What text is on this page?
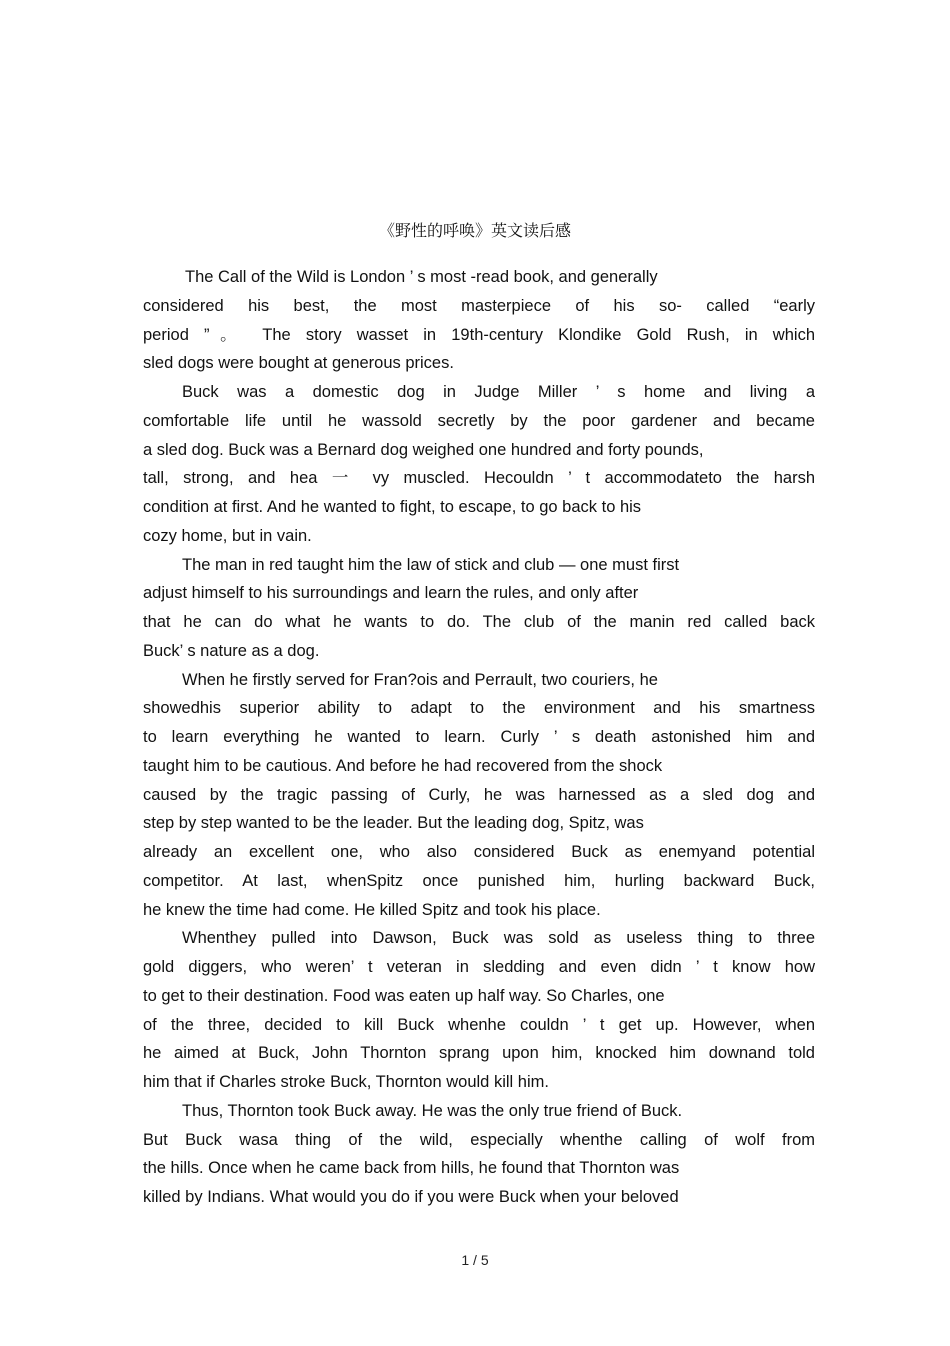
《野性的呼唤》英文读后感
The Call of the Wild is London ’ s most -read book, and generally
considered his best, the most masterpiece of his so- called “early
period ”。 The story wasset in 19th-century Klondike Gold Rush, in which
sled dogs were bought at generous prices.
Buck was a domestic dog in Judge Miller ’ s home and living a
comfortable life until he wassold secretly by the poor gardener and became
a sled dog. Buck was a Bernard dog weighed one hundred and forty pounds,
tall, strong, and hea 一 vy muscled. Hecouldn ’ t accommodateto the harsh
condition at first. And he wanted to fight, to escape, to go back to his
cozy home, but in vain.
The man in red taught him the law of stick and club — one must first
adjust himself to his surroundings and learn the rules, and only after
that he can do what he wants to do. The club of the manin red called back
Buck’ s nature as a dog.
When he firstly served for Fran?ois and Perrault, two couriers, he
showedhis superior ability to adapt to the environment and his smartness
to learn everything he wanted to learn. Curly ’ s death astonished him and
taught him to be cautious. And before he had recovered from the shock
caused by the tragic passing of Curly, he was harnessed as a sled dog and
step by step wanted to be the leader. But the leading dog, Spitz, was
already an excellent one, who also considered Buck as enemyand potential
competitor. At last, whenSpitz once punished him, hurling backward Buck,
he knew the time had come. He killed Spitz and took his place.
Whenthey pulled into Dawson, Buck was sold as useless thing to three
gold diggers, who weren’ t veteran in sledding and even didn ’ t know how
to get to their destination. Food was eaten up half way. So Charles, one
of the three, decided to kill Buck whenhe couldn ’ t get up. However, when
he aimed at Buck, John Thornton sprang upon him, knocked him downand told
him that if Charles stroke Buck, Thornton would kill him.
Thus, Thornton took Buck away. He was the only true friend of Buck.
But Buck wasa thing of the wild, especially whenthe calling of wolf from
the hills. Once when he came back from hills, he found that Thornton was
killed by Indians. What would you do if you were Buck when your beloved
1 / 5
